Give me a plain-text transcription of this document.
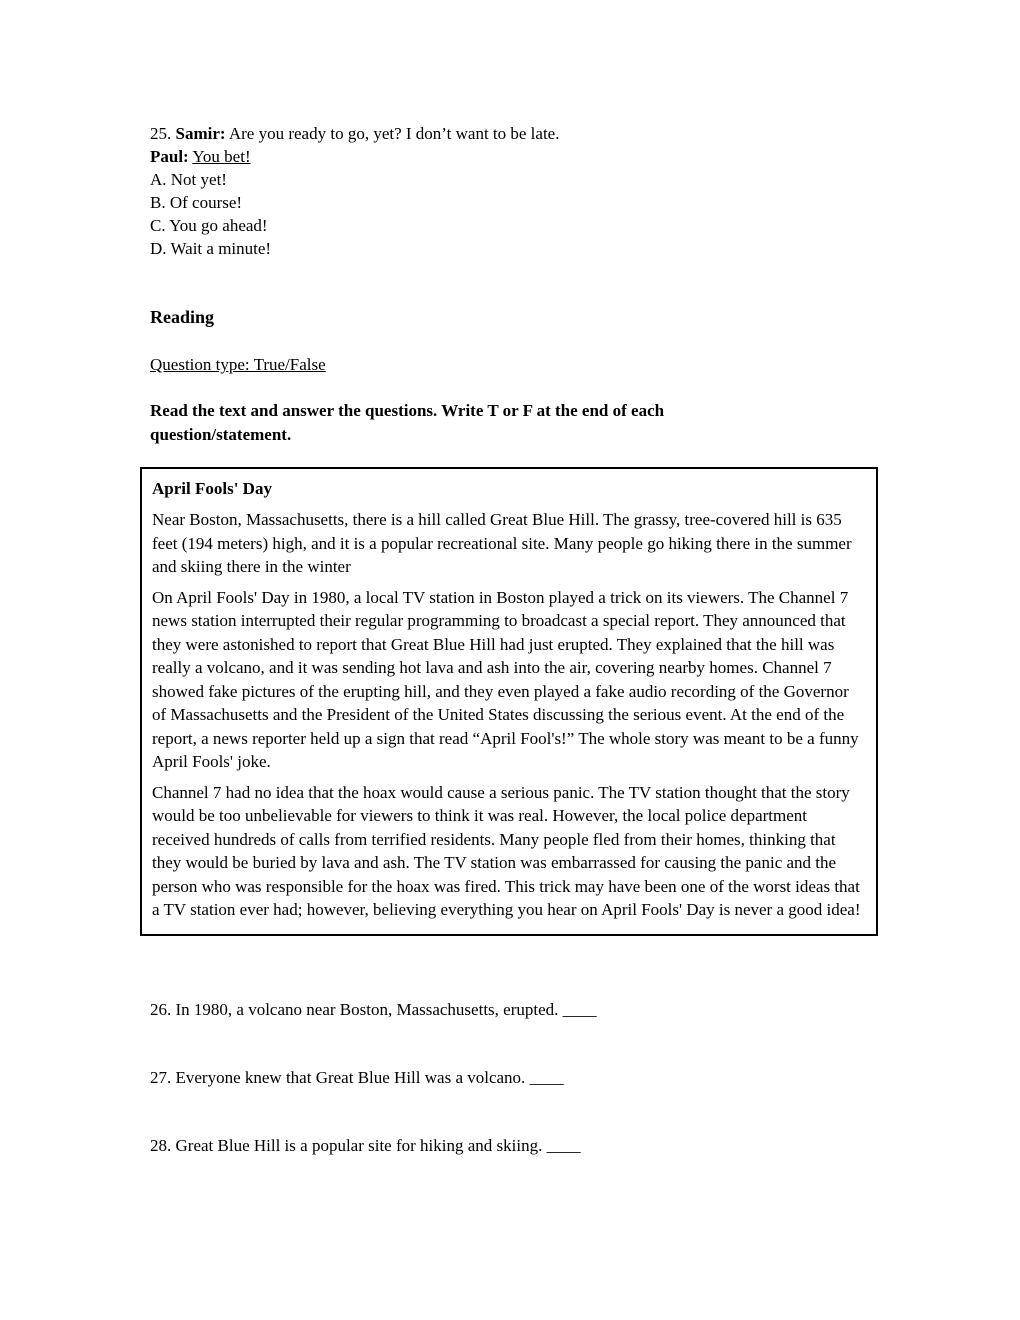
25. Samir: Are you ready to go, yet? I don’t want to be late.

Paul: You bet!

A. Not yet!

B. Of course!

C. You go ahead!

D. Wait a minute!

Reading

Question type: True/False

Read the text and answer the questions. Write T or F at the end of each question/statement.

April Fools' Day

Near Boston, Massachusetts, there is a hill called Great Blue Hill. The grassy, tree-covered hill is 635 feet (194 meters) high, and it is a popular recreational site. Many people go hiking there in the summer and skiing there in the winter

On April Fools' Day in 1980, a local TV station in Boston played a trick on its viewers. The Channel 7 news station interrupted their regular programming to broadcast a special report. They announced that they were astonished to report that Great Blue Hill had just erupted. They explained that the hill was really a volcano, and it was sending hot lava and ash into the air, covering nearby homes. Channel 7 showed fake pictures of the erupting hill, and they even played a fake audio recording of the Governor of Massachusetts and the President of the United States discussing the serious event. At the end of the report, a news reporter held up a sign that read “April Fool's!” The whole story was meant to be a funny April Fools' joke.

Channel 7 had no idea that the hoax would cause a serious panic. The TV station thought that the story would be too unbelievable for viewers to think it was real. However, the local police department received hundreds of calls from terrified residents. Many people fled from their homes, thinking that they would be buried by lava and ash. The TV station was embarrassed for causing the panic and the person who was responsible for the hoax was fired. This trick may have been one of the worst ideas that a TV station ever had; however, believing everything you hear on April Fools' Day is never a good idea!

26. In 1980, a volcano near Boston, Massachusetts, erupted. ____

27. Everyone knew that Great Blue Hill was a volcano. ____

28. Great Blue Hill is a popular site for hiking and skiing. ____
